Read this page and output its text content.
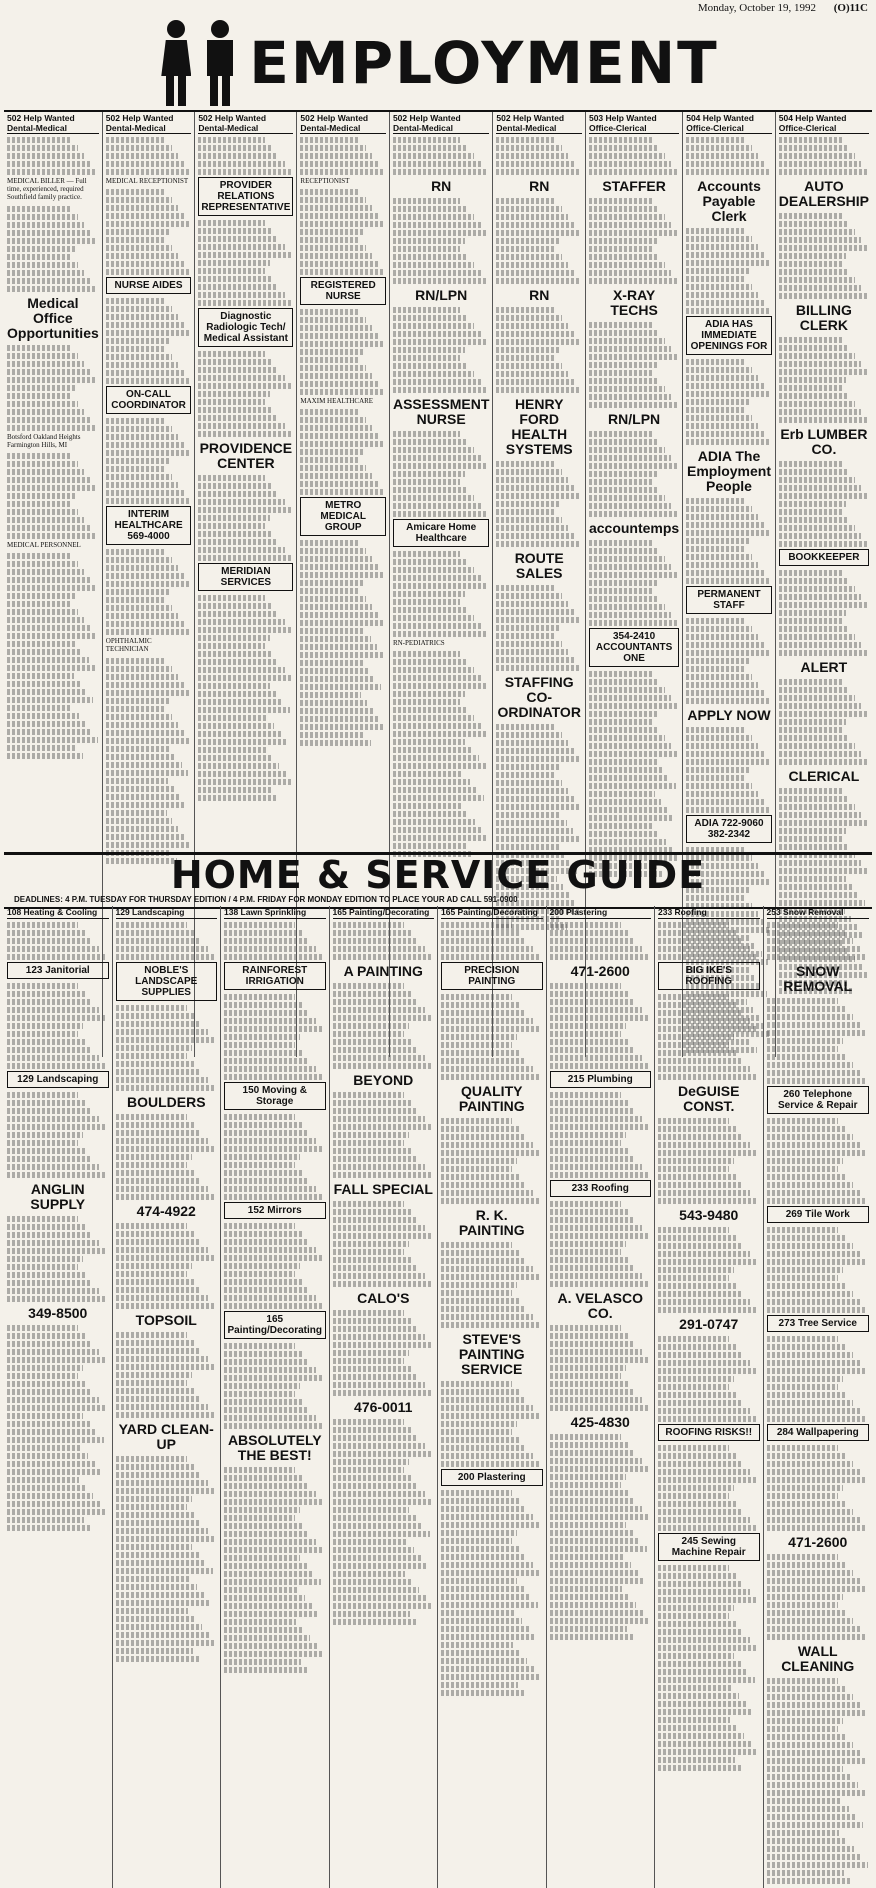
Monday, October 19, 1992 (O)11C
EMPLOYMENT
502 Help Wanted Dental-Medical
MEDICAL BILLER — Full time, experienced, required Southfield family practice.
Medical Office Opportunities
Botsford Oakland Heights Farmington Hills, MI
MEDICAL PERSONNEL
502 Help Wanted Dental-Medical
MEDICAL RECEPTIONIST
NURSE AIDES
ON-CALL COORDINATOR
INTERIM HEALTHCARE 569-4000
OPHTHALMIC TECHNICIAN
502 Help Wanted Dental-Medical
PROVIDER RELATIONS REPRESENTATIVE
Diagnostic Radiologic Tech/ Medical Assistant
PROVIDENCE CENTER
MERIDIAN SERVICES
502 Help Wanted Dental-Medical
RECEPTIONIST
REGISTERED NURSE
MAXIM HEALTHCARE
METRO MEDICAL GROUP
502 Help Wanted Dental-Medical
RN
RN/LPN
ASSESSMENT NURSE
Amicare Home Healthcare
RN-PEDIATRICS
502 Help Wanted Dental-Medical
RN
RN
HENRY FORD HEALTH SYSTEMS
ROUTE SALES
STAFFING CO-ORDINATOR
503 Help Wanted Office-Clerical
STAFFER
X-RAY TECHS
RN/LPN
accountemps
354-2410 ACCOUNTANTS ONE
504 Help Wanted Office-Clerical
Accounts Payable Clerk
ADIA HAS IMMEDIATE OPENINGS FOR
ADIA The Employment People
PERMANENT STAFF
APPLY NOW
ADIA 722-9060 382-2342
504 Help Wanted Office-Clerical
AUTO DEALERSHIP
BILLING CLERK
Erb LUMBER CO.
BOOKKEEPER
ALERT
CLERICAL
HOME & SERVICE GUIDE
DEADLINES: 4 P.M. TUESDAY FOR THURSDAY EDITION / 4 P.M. FRIDAY FOR MONDAY EDITION TO PLACE YOUR AD CALL 591-0900
108 Heating & Cooling
123 Janitorial
129 Landscaping
ANGLIN SUPPLY
349-8500
129 Landscaping
NOBLE'S LANDSCAPE SUPPLIES
BOULDERS
474-4922
TOPSOIL
YARD CLEAN-UP
138 Lawn Sprinkling
RAINFOREST IRRIGATION
150 Moving & Storage
152 Mirrors
165 Painting/Decorating
ABSOLUTELY THE BEST!
165 Painting/Decorating
A PAINTING
BEYOND
FALL SPECIAL
CALO'S
476-0011
165 Painting/Decorating
PRECISION PAINTING
QUALITY PAINTING
R. K. PAINTING
STEVE'S PAINTING SERVICE
200 Plastering
200 Plastering
471-2600
215 Plumbing
233 Roofing
A. VELASCO CO.
425-4830
233 Roofing
BIG IKE'S ROOFING
DeGUISE CONST.
543-9480
291-0747
ROOFING RISKS!!
245 Sewing Machine Repair
253 Snow Removal
SNOW REMOVAL
260 Telephone Service & Repair
269 Tile Work
273 Tree Service
284 Wallpapering
471-2600
WALL CLEANING
